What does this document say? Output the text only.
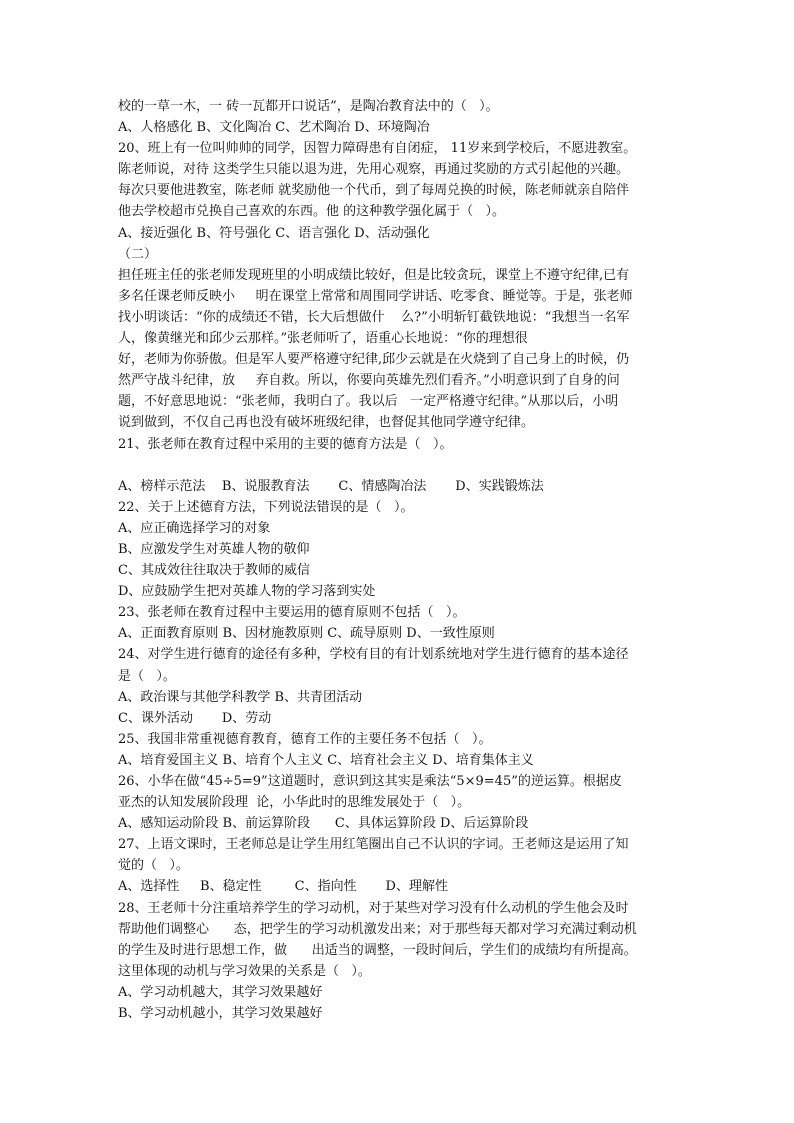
校的一草一木，一 砖一瓦都开口说话”，是陶冶教育法中的（   ）。
A、人格感化 B、文化陶冶 C、艺术陶冶 D、环境陶冶
20、班上有一位叫帅帅的同学，因智力障碍患有自闭症， 11岁来到学校后，不愿进教室。
陈老师说，对待 这类学生只能以退为进，先用心观察，再通过奖励的方式引起他的兴趣。
每次只要他进教室，陈老师 就奖励他一个代币，到了每周兑换的时候，陈老师就亲自陪伴
他去学校超市兑换自己喜欢的东西。他 的这种教学强化属于（   ）。
A、接近强化 B、符号强化 C、语言强化 D、活动强化
（二）
担任班主任的张老师发现班里的小明成绩比较好，但是比较贪玩，课堂上不遵守纪律,已有
多名任课老师反映小     明在课堂上常常和周围同学讲话、吃零食、睡觉等。于是，张老师
找小明谈话：“你的成绩还不错，长大后想做什    么?”小明斩钉截铁地说：“我想当一名军
人，像黄继光和邱少云那样。”张老师听了，语重心长地说：“你的理想很
好，老师为你骄傲。但是军人要严格遵守纪律,邱少云就是在火烧到了自己身上的时候，仍
然严守战斗纪律，放     弃自救。所以，你要向英雄先烈们看齐。”小明意识到了自身的问
题，不好意思地说：“张老师，我明白了。我以后   一定严格遵守纪律。”从那以后，小明
说到做到，不仅自己再也没有破坏班级纪律，也督促其他同学遵守纪律。
21、张老师在教育过程中采用的主要的德育方法是（   ）。
A、榜样示范法    B、说服教育法       C、情感陶冶法       D、实践锻炼法
22、关于上述德育方法，下列说法错误的是（   ）。
A、应正确选择学习的对象
B、应激发学生对英雄人物的敬仰
C、其成效往往取决于教师的威信
D、应鼓励学生把对英雄人物的学习落到实处
23、张老师在教育过程中主要运用的德育原则不包括（   ）。
A、正面教育原则 B、因材施教原则 C、疏导原则 D、一致性原则
24、对学生进行德育的途径有多种，学校有目的有计划系统地对学生进行德育的基本途径
是（   ）。
A、政治课与其他学科教学 B、共青团活动
C、课外活动       D、劳动
25、我国非常重视德育教育，德育工作的主要任务不包括（   ）。
A、培育爱国主义 B、培育个人主义 C、培育社会主义 D、培育集体主义
26、小华在做“45÷5=9”这道题时，意识到这其实是乘法“5×9=45”的逆运算。根据皮
亚杰的认知发展阶段理  论，小华此时的思维发展处于（   ）。
A、感知运动阶段 B、前运算阶段      C、具体运算阶段 D、后运算阶段
27、上语文课时，王老师总是让学生用红笔圈出自己不认识的字词。王老师这是运用了知
觉的（   ）。
A、选择性     B、稳定性        C、指向性       D、理解性
28、王老师十分注重培养学生的学习动机，对于某些对学习没有什么动机的学生他会及时
帮助他们调整心      态，把学生的学习动机激发出来；对于那些每天都对学习充满过剩动机
的学生及时进行思想工作，做      出适当的调整，一段时间后，学生们的成绩均有所提高。
这里体现的动机与学习效果的关系是（   ）。
A、学习动机越大，其学习效果越好
B、学习动机越小，其学习效果越好
